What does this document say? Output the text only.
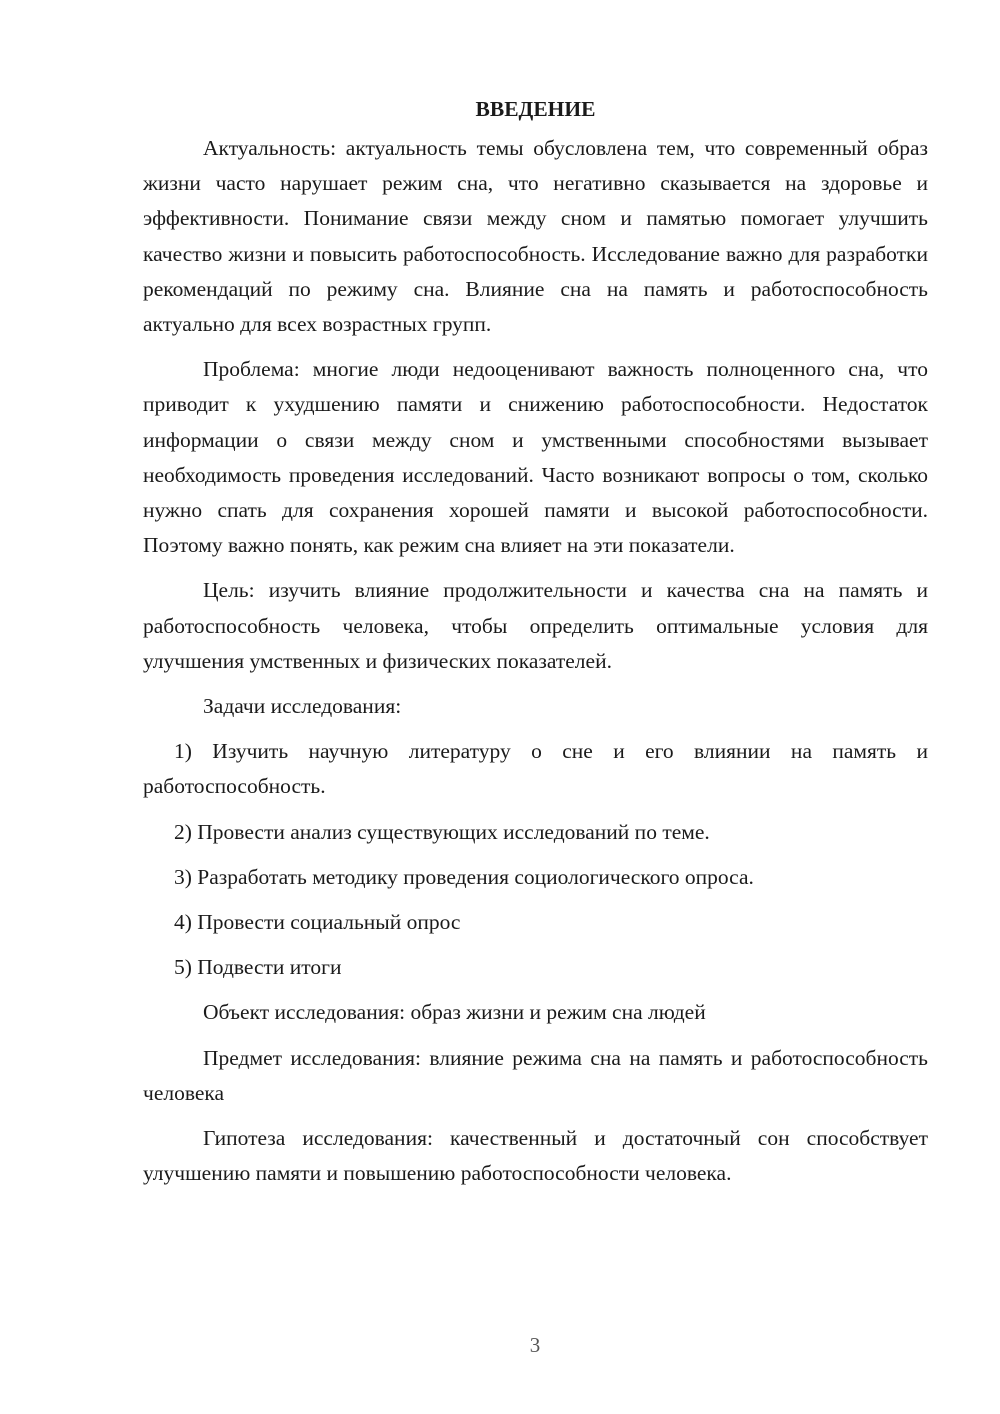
ВВЕДЕНИЕ

Актуальность: актуальность темы обусловлена тем, что современный образ жизни часто нарушает режим сна, что негативно сказывается на здоровье и эффективности. Понимание связи между сном и памятью помогает улучшить качество жизни и повысить работоспособность. Исследование важно для разработки рекомендаций по режиму сна. Влияние сна на память и работоспособность актуально для всех возрастных групп.

Проблема: многие люди недооценивают важность полноценного сна, что приводит к ухудшению памяти и снижению работоспособности. Недостаток информации о связи между сном и умственными способностями вызывает необходимость проведения исследований. Часто возникают вопросы о том, сколько нужно спать для сохранения хорошей памяти и высокой работоспособности. Поэтому важно понять, как режим сна влияет на эти показатели.

Цель: изучить влияние продолжительности и качества сна на память и работоспособность человека, чтобы определить оптимальные условия для улучшения умственных и физических показателей.

Задачи исследования:

1) Изучить научную литературу о сне и его влиянии на память и работоспособность.

2) Провести анализ существующих исследований по теме.

3) Разработать методику проведения социологического опроса.

4) Провести социальный опрос

5) Подвести итоги

Объект исследования: образ жизни и режим сна людей

Предмет исследования: влияние режима сна на память и работоспособность человека

Гипотеза исследования: качественный и достаточный сон способствует улучшению памяти и повышению работоспособности человека.

3
